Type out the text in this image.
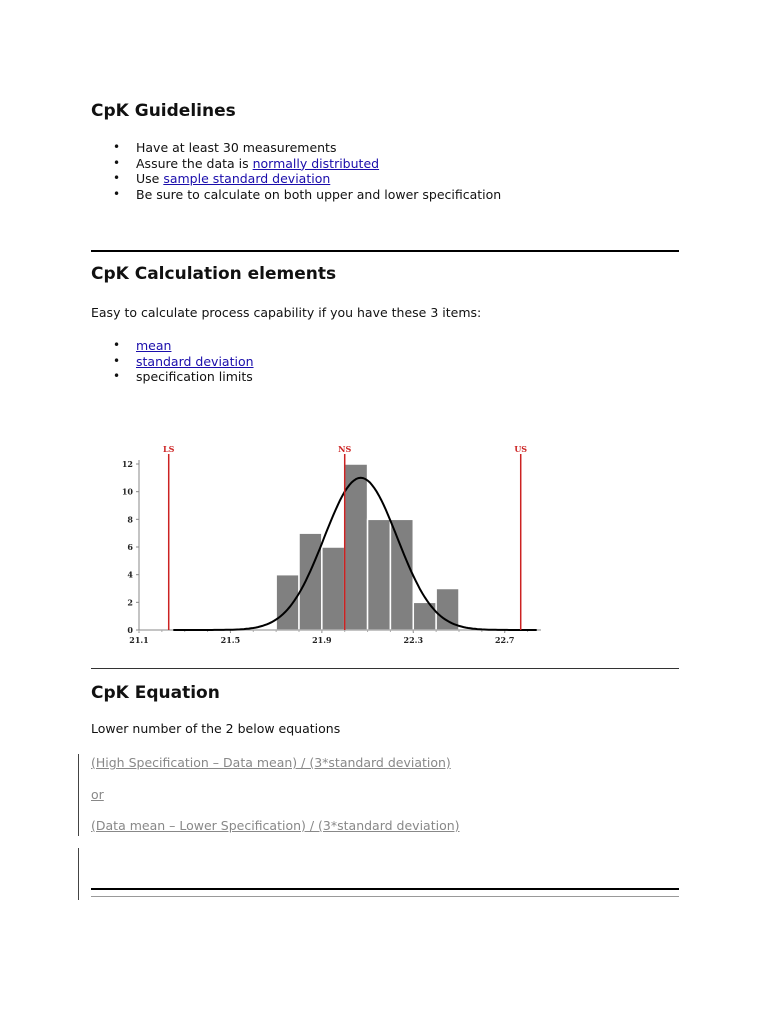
CpK Guidelines
• Have at least 30 measurements
• Assure the data is normally distributed
• Use sample standard deviation
• Be sure to calculate on both upper and lower specification
CpK Calculation elements

Easy to calculate process capability if you have these 3 items:

• mean
• standard deviation
• specification limits
0
2
4
6
8
10
12
21.1	21.5	21.9	22.3	22.7
LS	NS	US
CpK Equation

Lower number of the 2 below equations

(High Specification – Data mean) / (3*standard deviation)
or
(Data mean – Lower Specification) / (3*standard deviation)
